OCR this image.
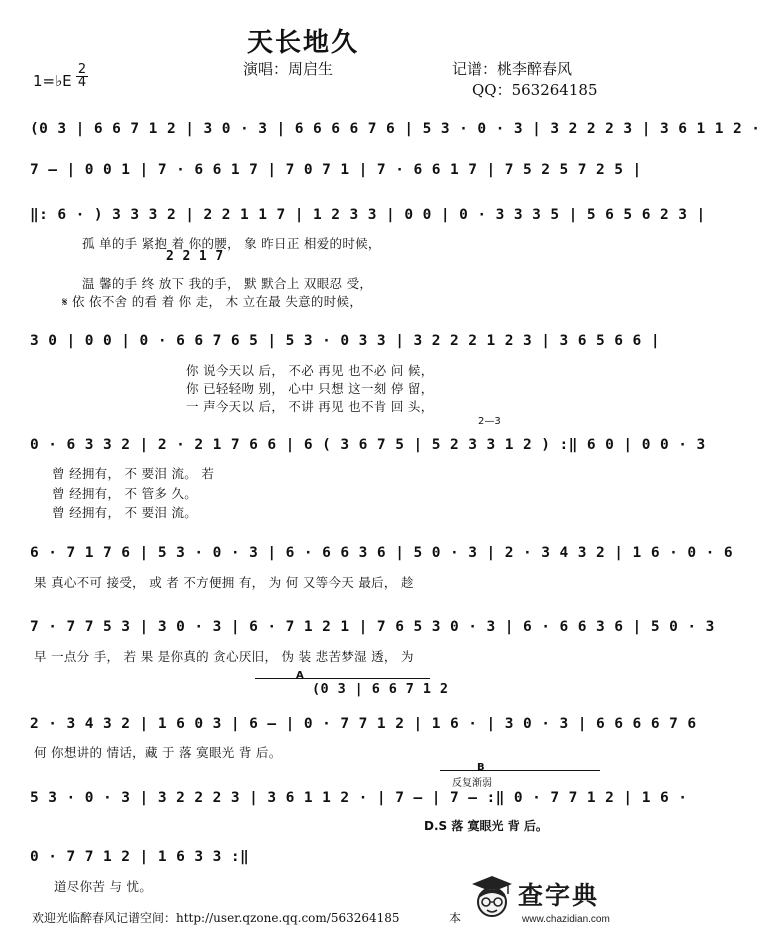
天长地久
演唱：周启生	记谱：桃李醉春风
QQ：563264185
1=♭E
2
4
(0 3 | 6 6 7 1 2 | 3 0 · 3 | 6 6 6 6 7 6 | 5 3 · 0 · 3 | 3 2 2 2 3 | 3 6 1 1 2 ·
7 – | 0 0 1 | 7 · 6 6 1 7 | 7 0 7 1 | 7 · 6 6 1 7 | 7 5 2 5 7 2 5 |
‖: 6 · ) 3 3 3 2 | 2 2 1 1 7 | 1 2 3 3 | 0 0 | 0 · 3 3 3 5 | 5 6 5 6 2 3 |
孤 单的手 紧抱 着 你的腰， 象 昨日正 相爱的时候，
2 2 1 7
温 馨的手 终 放下 我的手， 默 默合上 双眼忍 受，
𝄋 依 依不舍 的看 着 你 走， 木 立在最 失意的时候，
3 0 | 0 0 | 0 · 6 6 7 6 5 | 5 3 · 0 3 3 | 3 2 2 2 1 2 3 | 3 6 5 6 6 |
你 说今天以 后， 不必 再见 也不必 问 候，
你 已轻轻吻 别， 心中 只想 这一刻 停 留，
一 声今天以 后， 不讲 再见 也不肯 回 头，
2—3
0 · 6 3 3 2 | 2 · 2 1 7 6 6 | 6 ( 3 6 7 5 | 5 2 3 3 1 2 ) :‖ 6 0 | 0 0 · 3
曾 经拥有， 不 要泪 流。 若
曾 经拥有， 不 管多 久。
曾 经拥有， 不 要泪 流。
6 · 7 1 7 6 | 5 3 · 0 · 3 | 6 · 6 6 3 6 | 5 0 · 3 | 2 · 3 4 3 2 | 1 6 · 0 · 6
果 真心不可 接受， 或 者 不方便拥 有， 为 何 又等今天 最后， 趁
7 · 7 7 5 3 | 3 0 · 3 | 6 · 7 1 2 1 | 7 6 5 3 0 · 3 | 6 · 6 6 3 6 | 5 0 · 3
早 一点分 手， 若 果 是你真的 贪心厌旧， 伪 装 悲苦梦湿 透， 为
A
(0 3 | 6 6 7 1 2
2 · 3 4 3 2 | 1 6 0 3 | 6 – | 0 · 7 7 1 2 | 1 6 · | 3 0 · 3 | 6 6 6 6 7 6
何 你想讲的 情话，藏 于 落 寞眼光 背 后。
B
反复渐弱
5 3 · 0 · 3 | 3 2 2 2 3 | 3 6 1 1 2 · | 7 – | 7 – :‖ 0 · 7 7 1 2 | 1 6 ·
D.S 落 寞眼光 背 后。
0 · 7 7 1 2 | 1 6 3 3 :‖
道尽你苦 与 忧。
欢迎光临醉春风记谱空间：http://user.qzone.qq.com/563264185	本
查字典
www.chazidian.com
